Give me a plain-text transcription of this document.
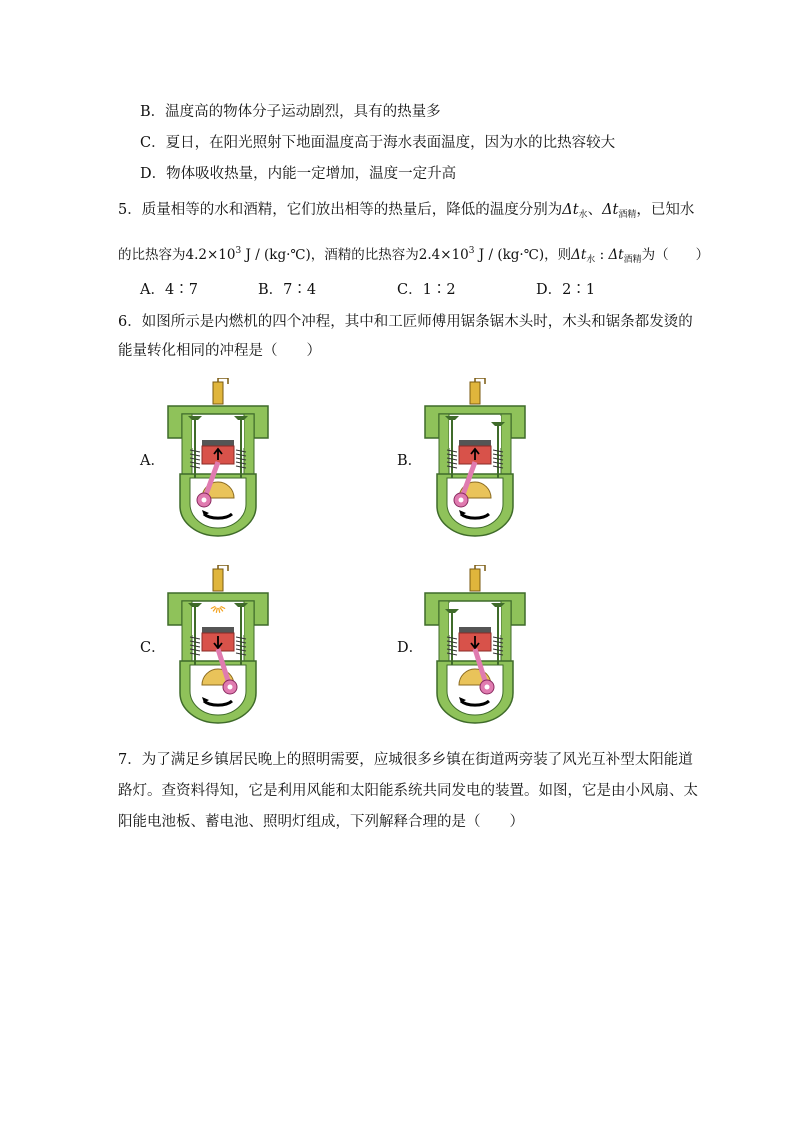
B．温度高的物体分子运动剧烈，具有的热量多
C．夏日，在阳光照射下地面温度高于海水表面温度，因为水的比热容较大
D．物体吸收热量，内能一定增加，温度一定升高
5．质量相等的水和酒精，它们放出相等的热量后，降低的温度分别为$\Delta t_水$、$\Delta t_{酒精}$，已知水
的比热容为$4.2\times 10^3$ J / (kg·℃)，酒精的比热容为$2.4\times 10^3$ J / (kg·℃)，则$\Delta t_水$ : $\Delta t_{酒精}$为（　　）
A．4∶7	B．7∶4	C．1∶2	D．2∶1
6．如图所示是内燃机的四个冲程，其中和工匠师傅用锯条锯木头时，木头和锯条都发烫的
能量转化相同的冲程是（　　）
A．	B．
C．	D．
7．为了满足乡镇居民晚上的照明需要，应城很多乡镇在街道两旁装了风光互补型太阳能道
路灯。查资料得知，它是利用风能和太阳能系统共同发电的装置。如图，它是由小风扇、太
阳能电池板、蓄电池、照明灯组成，下列解释合理的是（　　）
